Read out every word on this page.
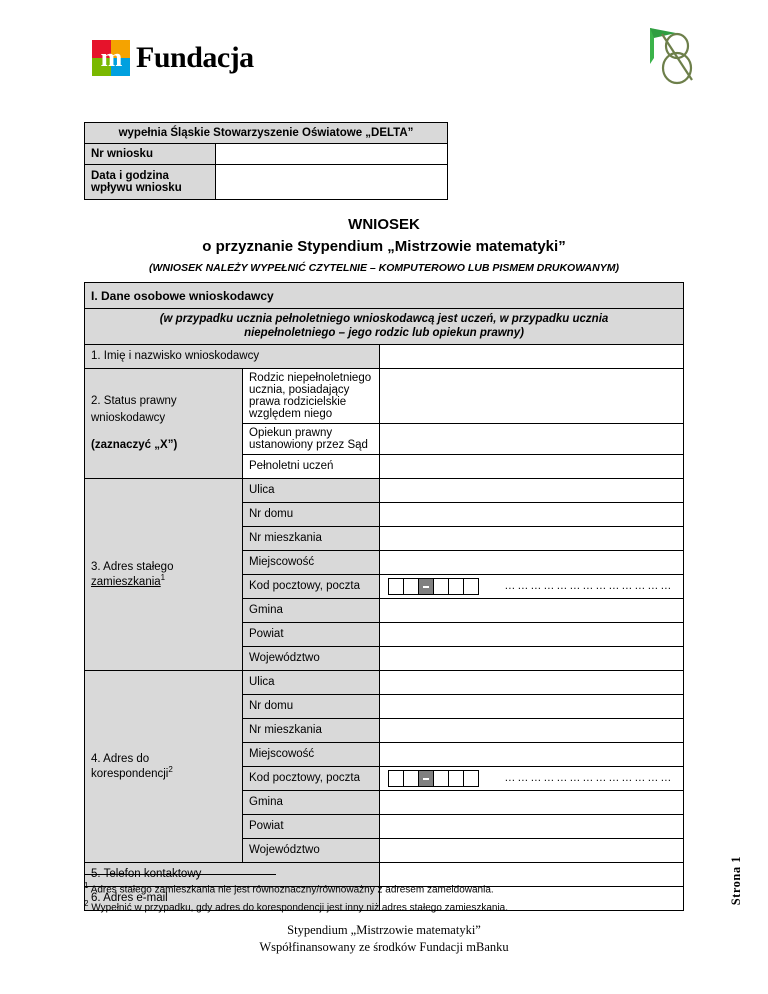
m Fundacja
wypełnia Śląskie Stowarzyszenie Oświatowe „DELTA”	
Nr wniosku	
Data i godzina wpływu wniosku	
WNIOSEK
o przyznanie Stypendium „Mistrzowie matematyki”
(WNIOSEK NALEŻY WYPEŁNIĆ CZYTELNIE – KOMPUTEROWO LUB PISMEM DRUKOWANYM)
I. Dane osobowe wnioskodawcy		
(w przypadku ucznia pełnoletniego wnioskodawcą jest uczeń, w przypadku ucznia
niepełnoletniego – jego rodzic lub opiekun prawny)		
1. Imię i nazwisko wnioskodawcy		
2. Status prawny
wnioskodawcy
(zaznaczyć „X”)	Rodzic niepełnoletniego ucznia, posiadający prawa rodzicielskie względem niego	
	Opiekun prawny ustanowiony przez Sąd	
	Pełnoletni uczeń	
3. Adres stałego
zamieszkania$^1$	Ulica	
	Nr domu	
	Nr mieszkania	
	Miejscowość	
	Kod pocztowy, poczta	…………………………………

	Gmina	
	Powiat	
	Województwo	
4. Adres do
korespondencji$^2$	Ulica	
	Nr domu	
	Nr mieszkania	
	Miejscowość	
	Kod pocztowy, poczta	…………………………………

	Gmina	
	Powiat	
	Województwo	
5. Telefon kontaktowy		
6. Adres e-mail		
$^1$ Adres stałego zamieszkania nie jest równoznaczny/równoważny z adresem zameldowania.
$^2$ Wypełnić w przypadku, gdy adres do korespondencji jest inny niż adres stałego zamieszkania.
Stypendium „Mistrzowie matematyki”
Współfinansowany ze środków Fundacji mBanku
Strona 1
